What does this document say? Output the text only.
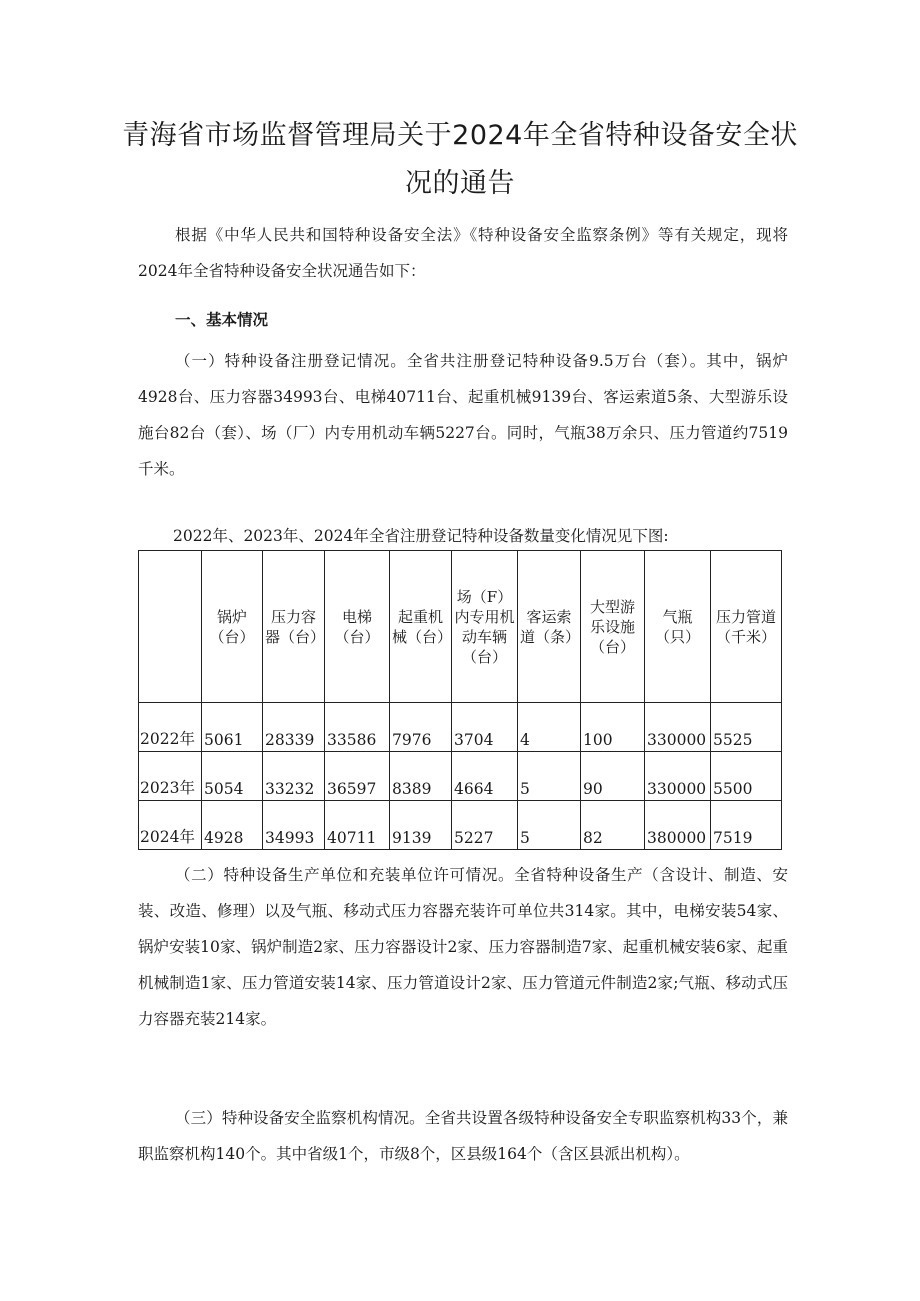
青海省市场监督管理局关于2024年全省特种设备安全状况的通告

根据《中华人民共和国特种设备安全法》《特种设备安全监察条例》等有关规定，现将2024年全省特种设备安全状况通告如下：

一、基本情况

（一）特种设备注册登记情况。全省共注册登记特种设备9.5万台（套）。其中，锅炉4928台、压力容器34993台、电梯40711台、起重机械9139台、客运索道5条、大型游乐设施台82台（套）、场（厂）内专用机动车辆5227台。同时，气瓶38万余只、压力管道约7519千米。

2022年、2023年、2024年全省注册登记特种设备数量变化情况见下图:

	锅炉（台）	压力容器（台）	电梯（台）	起重机械（台）	场（F）内专用机动车辆（台）	客运索道（条）	大型游乐设施（台）	气瓶（只）	压力管道（千米）
2022年	5061	28339	33586	7976	3704	4	100	330000	5525
2023年	5054	33232	36597	8389	4664	5	90	330000	5500
2024年	4928	34993	40711	9139	5227	5	82	380000	7519

（二）特种设备生产单位和充装单位许可情况。全省特种设备生产（含设计、制造、安装、改造、修理）以及气瓶、移动式压力容器充装许可单位共314家。其中，电梯安装54家、锅炉安装10家、锅炉制造2家、压力容器设计2家、压力容器制造7家、起重机械安装6家、起重机械制造1家、压力管道安装14家、压力管道设计2家、压力管道元件制造2家;气瓶、移动式压力容器充装214家。

（三）特种设备安全监察机构情况。全省共设置各级特种设备安全专职监察机构33个，兼职监察机构140个。其中省级1个，市级8个，区县级164个（含区县派出机构）。
